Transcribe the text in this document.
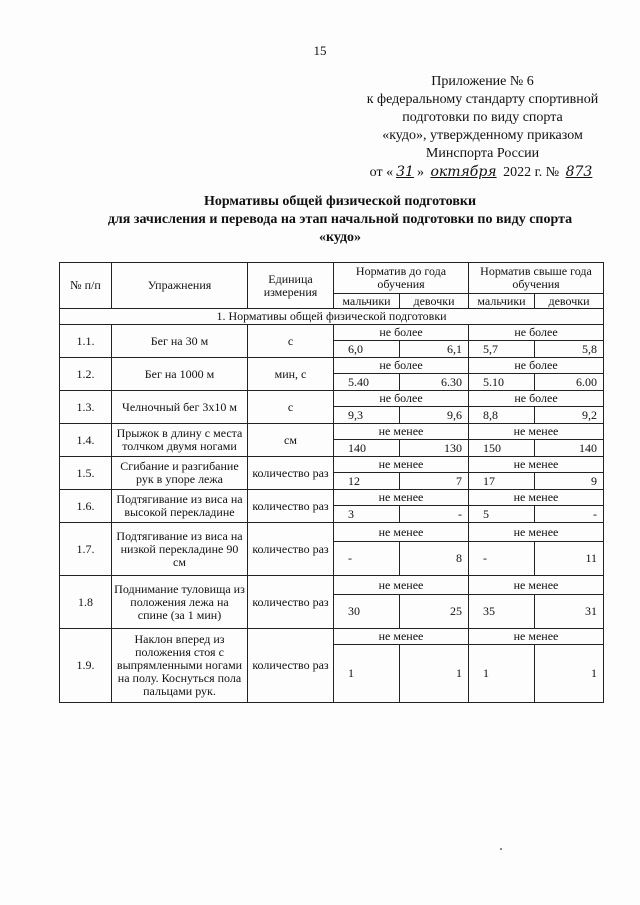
15
Приложение № 6
к федеральному стандарту спортивной
подготовки по виду спорта
«кудо», утвержденному приказом
Минспорта России
от « 31 » октября 2022 г. № 873
Нормативы общей физической подготовки
для зачисления и перевода на этап начальной подготовки по виду спорта
«кудо»
№ п/п	Упражнения	Единица измерения	Норматив до года обучения		Норматив свыше года обучения	
			мальчики	девочки	мальчики	девочки
1. Нормативы общей физической подготовки						
1.1.	Бег на 30 м	с	не более		не более	
			6,0	6,1	5,7	5,8
1.2.	Бег на 1000 м	мин, с	не более		не более	
			5.40	6.30	5.10	6.00
1.3.	Челночный бег 3x10 м	с	не более		не более	
			9,3	9,6	8,8	9,2
1.4.	Прыжок в длину с места толчком двумя ногами	см	не менее		не менее	
			140	130	150	140
1.5.	Сгибание и разгибание рук в упоре лежа	количество раз	не менее		не менее	
			12	7	17	9
1.6.	Подтягивание из виса на высокой перекладине	количество раз	не менее		не менее	
			3	-	5	-
1.7.	Подтягивание из виса на низкой перекладине 90 см	количество раз	не менее		не менее	
			-	8	-	11
1.8	Поднимание туловища из положения лежа на спине (за 1 мин)	количество раз	не менее		не менее	
			30	25	35	31
1.9.	Наклон вперед из положения стоя с выпрямленными ногами на полу. Коснуться пола пальцами рук.	количество раз	не менее		не менее	
			1	1	1	1
